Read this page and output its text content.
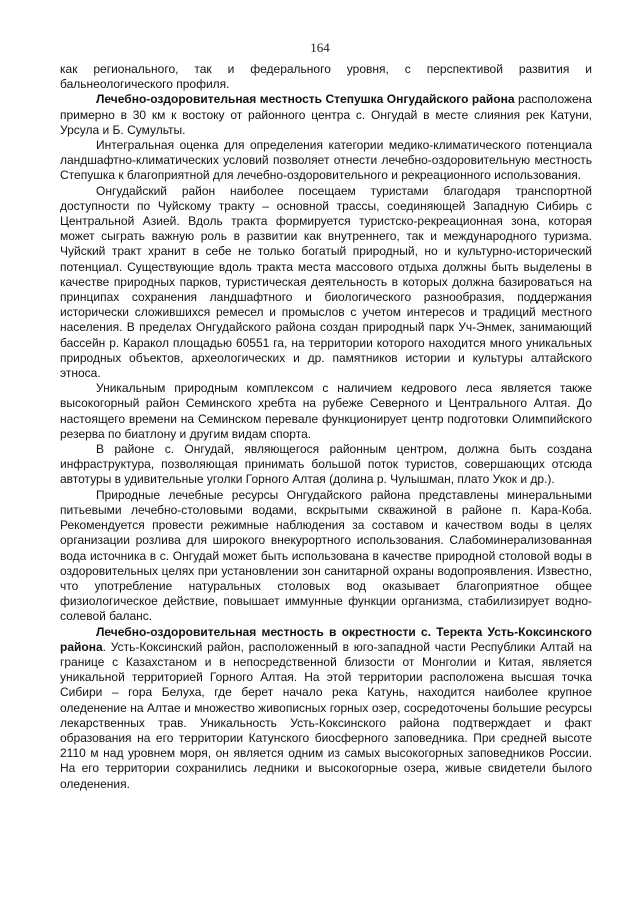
164

как регионального, так и федерального уровня, с перспективой развития и бальнеологического профиля.

Лечебно-оздоровительная местность Степушка Онгудайского района расположена примерно в 30 км к востоку от районного центра с. Онгудай в месте слияния рек Катуни, Урсула и Б. Сумульты.

Интегральная оценка для определения категории медико-климатического потенциала ландшафтно-климатических условий позволяет отнести лечебно-оздоровительную местность Степушка к благоприятной для лечебно-оздоровительного и рекреационного использования.

Онгудайский район наиболее посещаем туристами благодаря транспортной доступности по Чуйскому тракту – основной трассы, соединяющей Западную Сибирь с Центральной Азией. Вдоль тракта формируется туристско-рекреационная зона, которая может сыграть важную роль в развитии как внутреннего, так и международного туризма. Чуйский тракт хранит в себе не только богатый природный, но и культурно-исторический потенциал. Существующие вдоль тракта места массового отдыха должны быть выделены в качестве природных парков, туристическая деятельность в которых должна базироваться на принципах сохранения ландшафтного и биологического разнообразия, поддержания исторически сложившихся ремесел и промыслов с учетом интересов и традиций местного населения. В пределах Онгудайского района создан природный парк Уч-Энмек, занимающий бассейн р. Каракол площадью 60551 га, на территории которого находится много уникальных природных объектов, археологических и др. памятников истории и культуры алтайского этноса.

Уникальным природным комплексом с наличием кедрового леса является также высокогорный район Семинского хребта на рубеже Северного и Центрального Алтая. До настоящего времени на Семинском перевале функционирует центр подготовки Олимпийского резерва по биатлону и другим видам спорта.

В районе с. Онгудай, являющегося районным центром, должна быть создана инфраструктура, позволяющая принимать большой поток туристов, совершающих отсюда автотуры в удивительные уголки Горного Алтая (долина р. Чулышман, плато Укок и др.).

Природные лечебные ресурсы Онгудайского района представлены минеральными питьевыми лечебно-столовыми водами, вскрытыми скважиной в районе п. Кара-Коба. Рекомендуется провести режимные наблюдения за составом и качеством воды в целях организации розлива для широкого внекурортного использования. Слабоминерализованная вода источника в с. Онгудай может быть использована в качестве природной столовой воды в оздоровительных целях при установлении зон санитарной охраны водопроявления. Известно, что употребление натуральных столовых вод оказывает благоприятное общее физиологическое действие, повышает иммунные функции организма, стабилизирует водно-солевой баланс.

Лечебно-оздоровительная местность в окрестности с. Теректа Усть-Коксинского района. Усть-Коксинский район, расположенный в юго-западной части Республики Алтай на границе с Казахстаном и в непосредственной близости от Монголии и Китая, является уникальной территорией Горного Алтая. На этой территории расположена высшая точка Сибири – гора Белуха, где берет начало река Катунь, находится наиболее крупное оледенение на Алтае и множество живописных горных озер, сосредоточены большие ресурсы лекарственных трав. Уникальность Усть-Коксинского района подтверждает и факт образования на его территории Катунского биосферного заповедника. При средней высоте 2110 м над уровнем моря, он является одним из самых высокогорных заповедников России. На его территории сохранились ледники и высокогорные озера, живые свидетели былого оледенения.
